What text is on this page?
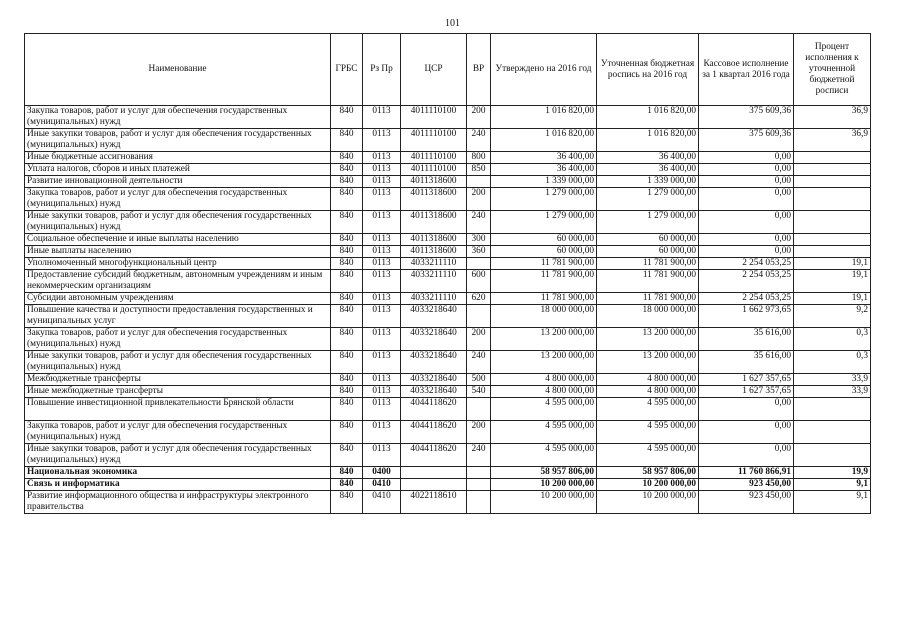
101
Наименование	ГРБС	Рз Пр	ЦСР	ВР	Утверждено на 2016 год	Уточненная бюджетная роспись на 2016 год	Кассовое исполнение за 1 квартал 2016 года	Процент исполнения к уточненной бюджетной росписи
Закупка товаров, работ и услуг для обеспечения государственных (муниципальных) нужд	840	0113	4011110100	200	1 016 820,00	1 016 820,00	375 609,36	36,9
Иные закупки товаров, работ и услуг для обеспечения государственных (муниципальных) нужд	840	0113	4011110100	240	1 016 820,00	1 016 820,00	375 609,36	36,9
Иные бюджетные ассигнования	840	0113	4011110100	800	36 400,00	36 400,00	0,00	
Уплата налогов, сборов и иных платежей	840	0113	4011110100	850	36 400,00	36 400,00	0,00	
Развитие инновационной деятельности	840	0113	4011318600		1 339 000,00	1 339 000,00	0,00	
Закупка товаров, работ и услуг для обеспечения государственных (муниципальных) нужд	840	0113	4011318600	200	1 279 000,00	1 279 000,00	0,00	
Иные закупки товаров, работ и услуг для обеспечения государственных (муниципальных) нужд	840	0113	4011318600	240	1 279 000,00	1 279 000,00	0,00	
Социальное обеспечение и иные выплаты населению	840	0113	4011318600	300	60 000,00	60 000,00	0,00	
Иные выплаты населению	840	0113	4011318600	360	60 000,00	60 000,00	0,00	
Уполномоченный многофункциональный центр	840	0113	4033211110		11 781 900,00	11 781 900,00	2 254 053,25	19,1
Предоставление субсидий бюджетным, автономным учреждениям и иным некоммерческим организациям	840	0113	4033211110	600	11 781 900,00	11 781 900,00	2 254 053,25	19,1
Субсидии автономным учреждениям	840	0113	4033211110	620	11 781 900,00	11 781 900,00	2 254 053,25	19,1
Повышение качества и доступности предоставления государственных и муниципальных услуг	840	0113	4033218640		18 000 000,00	18 000 000,00	1 662 973,65	9,2
Закупка товаров, работ и услуг для обеспечения государственных (муниципальных) нужд	840	0113	4033218640	200	13 200 000,00	13 200 000,00	35 616,00	0,3
Иные закупки товаров, работ и услуг для обеспечения государственных (муниципальных) нужд	840	0113	4033218640	240	13 200 000,00	13 200 000,00	35 616,00	0,3
Межбюджетные трансферты	840	0113	4033218640	500	4 800 000,00	4 800 000,00	1 627 357,65	33,9
Иные межбюджетные трансферты	840	0113	4033218640	540	4 800 000,00	4 800 000,00	1 627 357,65	33,9
Повышение инвестиционной привлекательности Брянской области	840	0113	4044118620		4 595 000,00	4 595 000,00	0,00	
Закупка товаров, работ и услуг для обеспечения государственных (муниципальных) нужд	840	0113	4044118620	200	4 595 000,00	4 595 000,00	0,00	
Иные закупки товаров, работ и услуг для обеспечения государственных (муниципальных) нужд	840	0113	4044118620	240	4 595 000,00	4 595 000,00	0,00	
Национальная экономика	840	0400			58 957 806,00	58 957 806,00	11 760 866,91	19,9
Связь и информатика	840	0410			10 200 000,00	10 200 000,00	923 450,00	9,1
Развитие информационного общества и инфраструктуры электронного правительства	840	0410	4022118610		10 200 000,00	10 200 000,00	923 450,00	9,1
